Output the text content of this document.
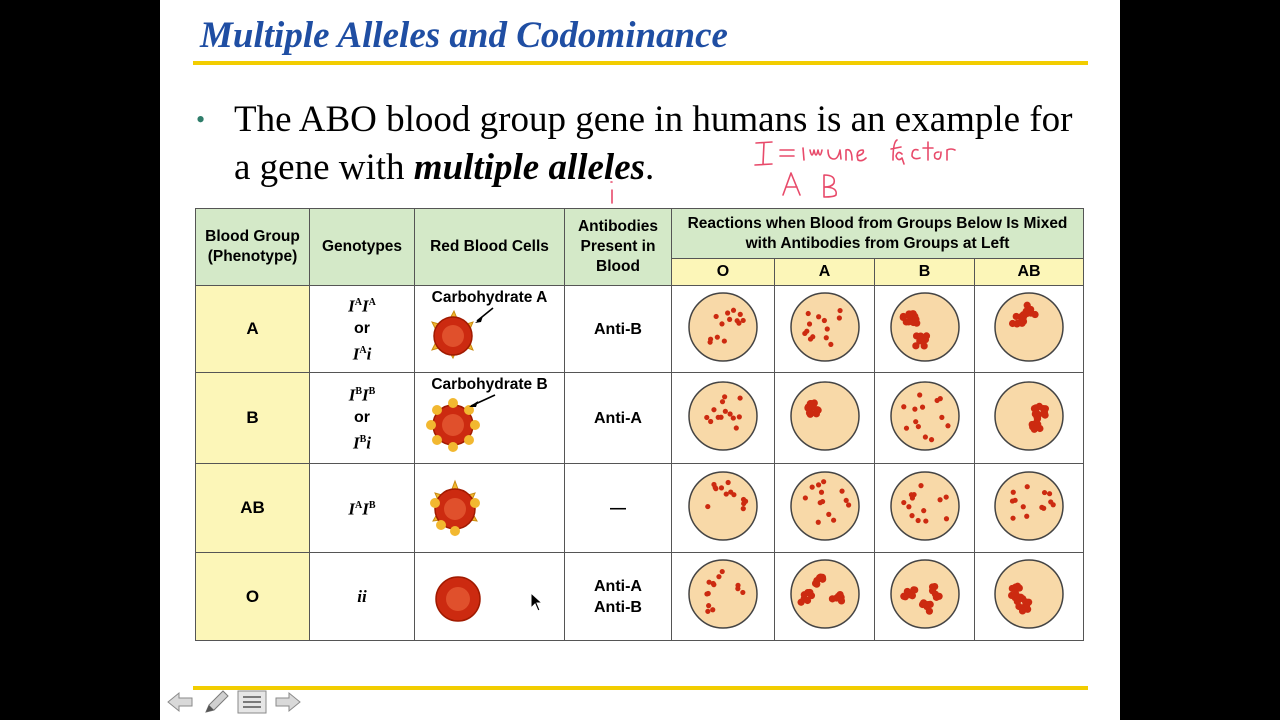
Multiple Alleles and Codominance
• The ABO blood group gene in humans is an example for a gene with multiple alleles.
Blood Group (Phenotype)	Genotypes	Red Blood Cells	Antibodies Present in Blood	Reactions when Blood from Groups Below Is Mixed with Antibodies from Groups at Left			
				O	A	B	AB
A	$I^AI^A$
or
$I^Ai$	Carbohydrate A	Anti-B				
B	$I^BI^B$
or
$I^Bi$	Carbohydrate B	Anti-A				
AB	$I^AI^B$		—				
O	ii		Anti-A
Anti-B
